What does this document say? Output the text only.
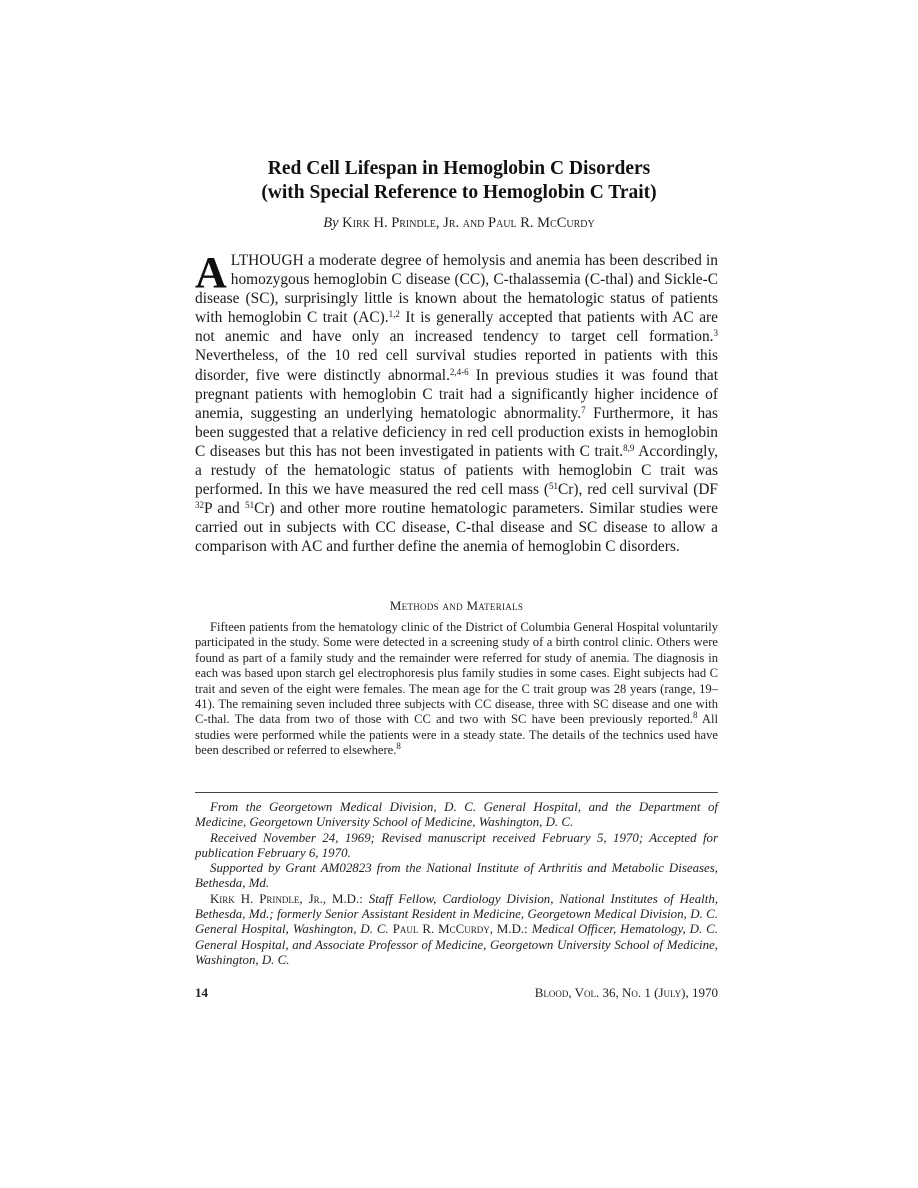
Red Cell Lifespan in Hemoglobin C Disorders
(with Special Reference to Hemoglobin C Trait)
By Kirk H. Prindle, Jr. and Paul R. McCurdy
ALTHOUGH a moderate degree of hemolysis and anemia has been described in homozygous hemoglobin C disease (CC), C-thalassemia (C-thal) and Sickle-C disease (SC), surprisingly little is known about the hematologic status of patients with hemoglobin C trait (AC).$^{1,2}$ It is generally accepted that patients with AC are not anemic and have only an increased tendency to target cell formation.$^3$ Nevertheless, of the 10 red cell survival studies reported in patients with this disorder, five were distinctly abnormal.$^{2,4-6}$ In previous studies it was found that pregnant patients with hemoglobin C trait had a significantly higher incidence of anemia, suggesting an underlying hematologic abnormality.$^7$ Furthermore, it has been suggested that a relative deficiency in red cell production exists in hemoglobin C diseases but this has not been investigated in patients with C trait.$^{8,9}$ Accordingly, a restudy of the hematologic status of patients with hemoglobin C trait was performed. In this we have measured the red cell mass ($^{51}$Cr), red cell survival (DF $^{32}$P and $^{51}$Cr) and other more routine hematologic parameters. Similar studies were carried out in subjects with CC disease, C-thal disease and SC disease to allow a comparison with AC and further define the anemia of hemoglobin C disorders.
Methods and Materials
Fifteen patients from the hematology clinic of the District of Columbia General Hospital voluntarily participated in the study. Some were detected in a screening study of a birth control clinic. Others were found as part of a family study and the remainder were referred for study of anemia. The diagnosis in each was based upon starch gel electrophoresis plus family studies in some cases. Eight subjects had C trait and seven of the eight were females. The mean age for the C trait group was 28 years (range, 19–41). The remaining seven included three subjects with CC disease, three with SC disease and one with C-thal. The data from two of those with CC and two with SC have been previously reported.$^8$ All studies were performed while the patients were in a steady state. The details of the technics used have been described or referred to elsewhere.$^8$

From the Georgetown Medical Division, D. C. General Hospital, and the Department of Medicine, Georgetown University School of Medicine, Washington, D. C.

Received November 24, 1969; Revised manuscript received February 5, 1970; Accepted for publication February 6, 1970.

Supported by Grant AM02823 from the National Institute of Arthritis and Metabolic Diseases, Bethesda, Md.

Kirk H. Prindle, Jr., M.D.: Staff Fellow, Cardiology Division, National Institutes of Health, Bethesda, Md.; formerly Senior Assistant Resident in Medicine, Georgetown Medical Division, D. C. General Hospital, Washington, D. C. Paul R. McCurdy, M.D.: Medical Officer, Hematology, D. C. General Hospital, and Associate Professor of Medicine, Georgetown University School of Medicine, Washington, D. C.

14	Blood, Vol. 36, No. 1 (July), 1970
